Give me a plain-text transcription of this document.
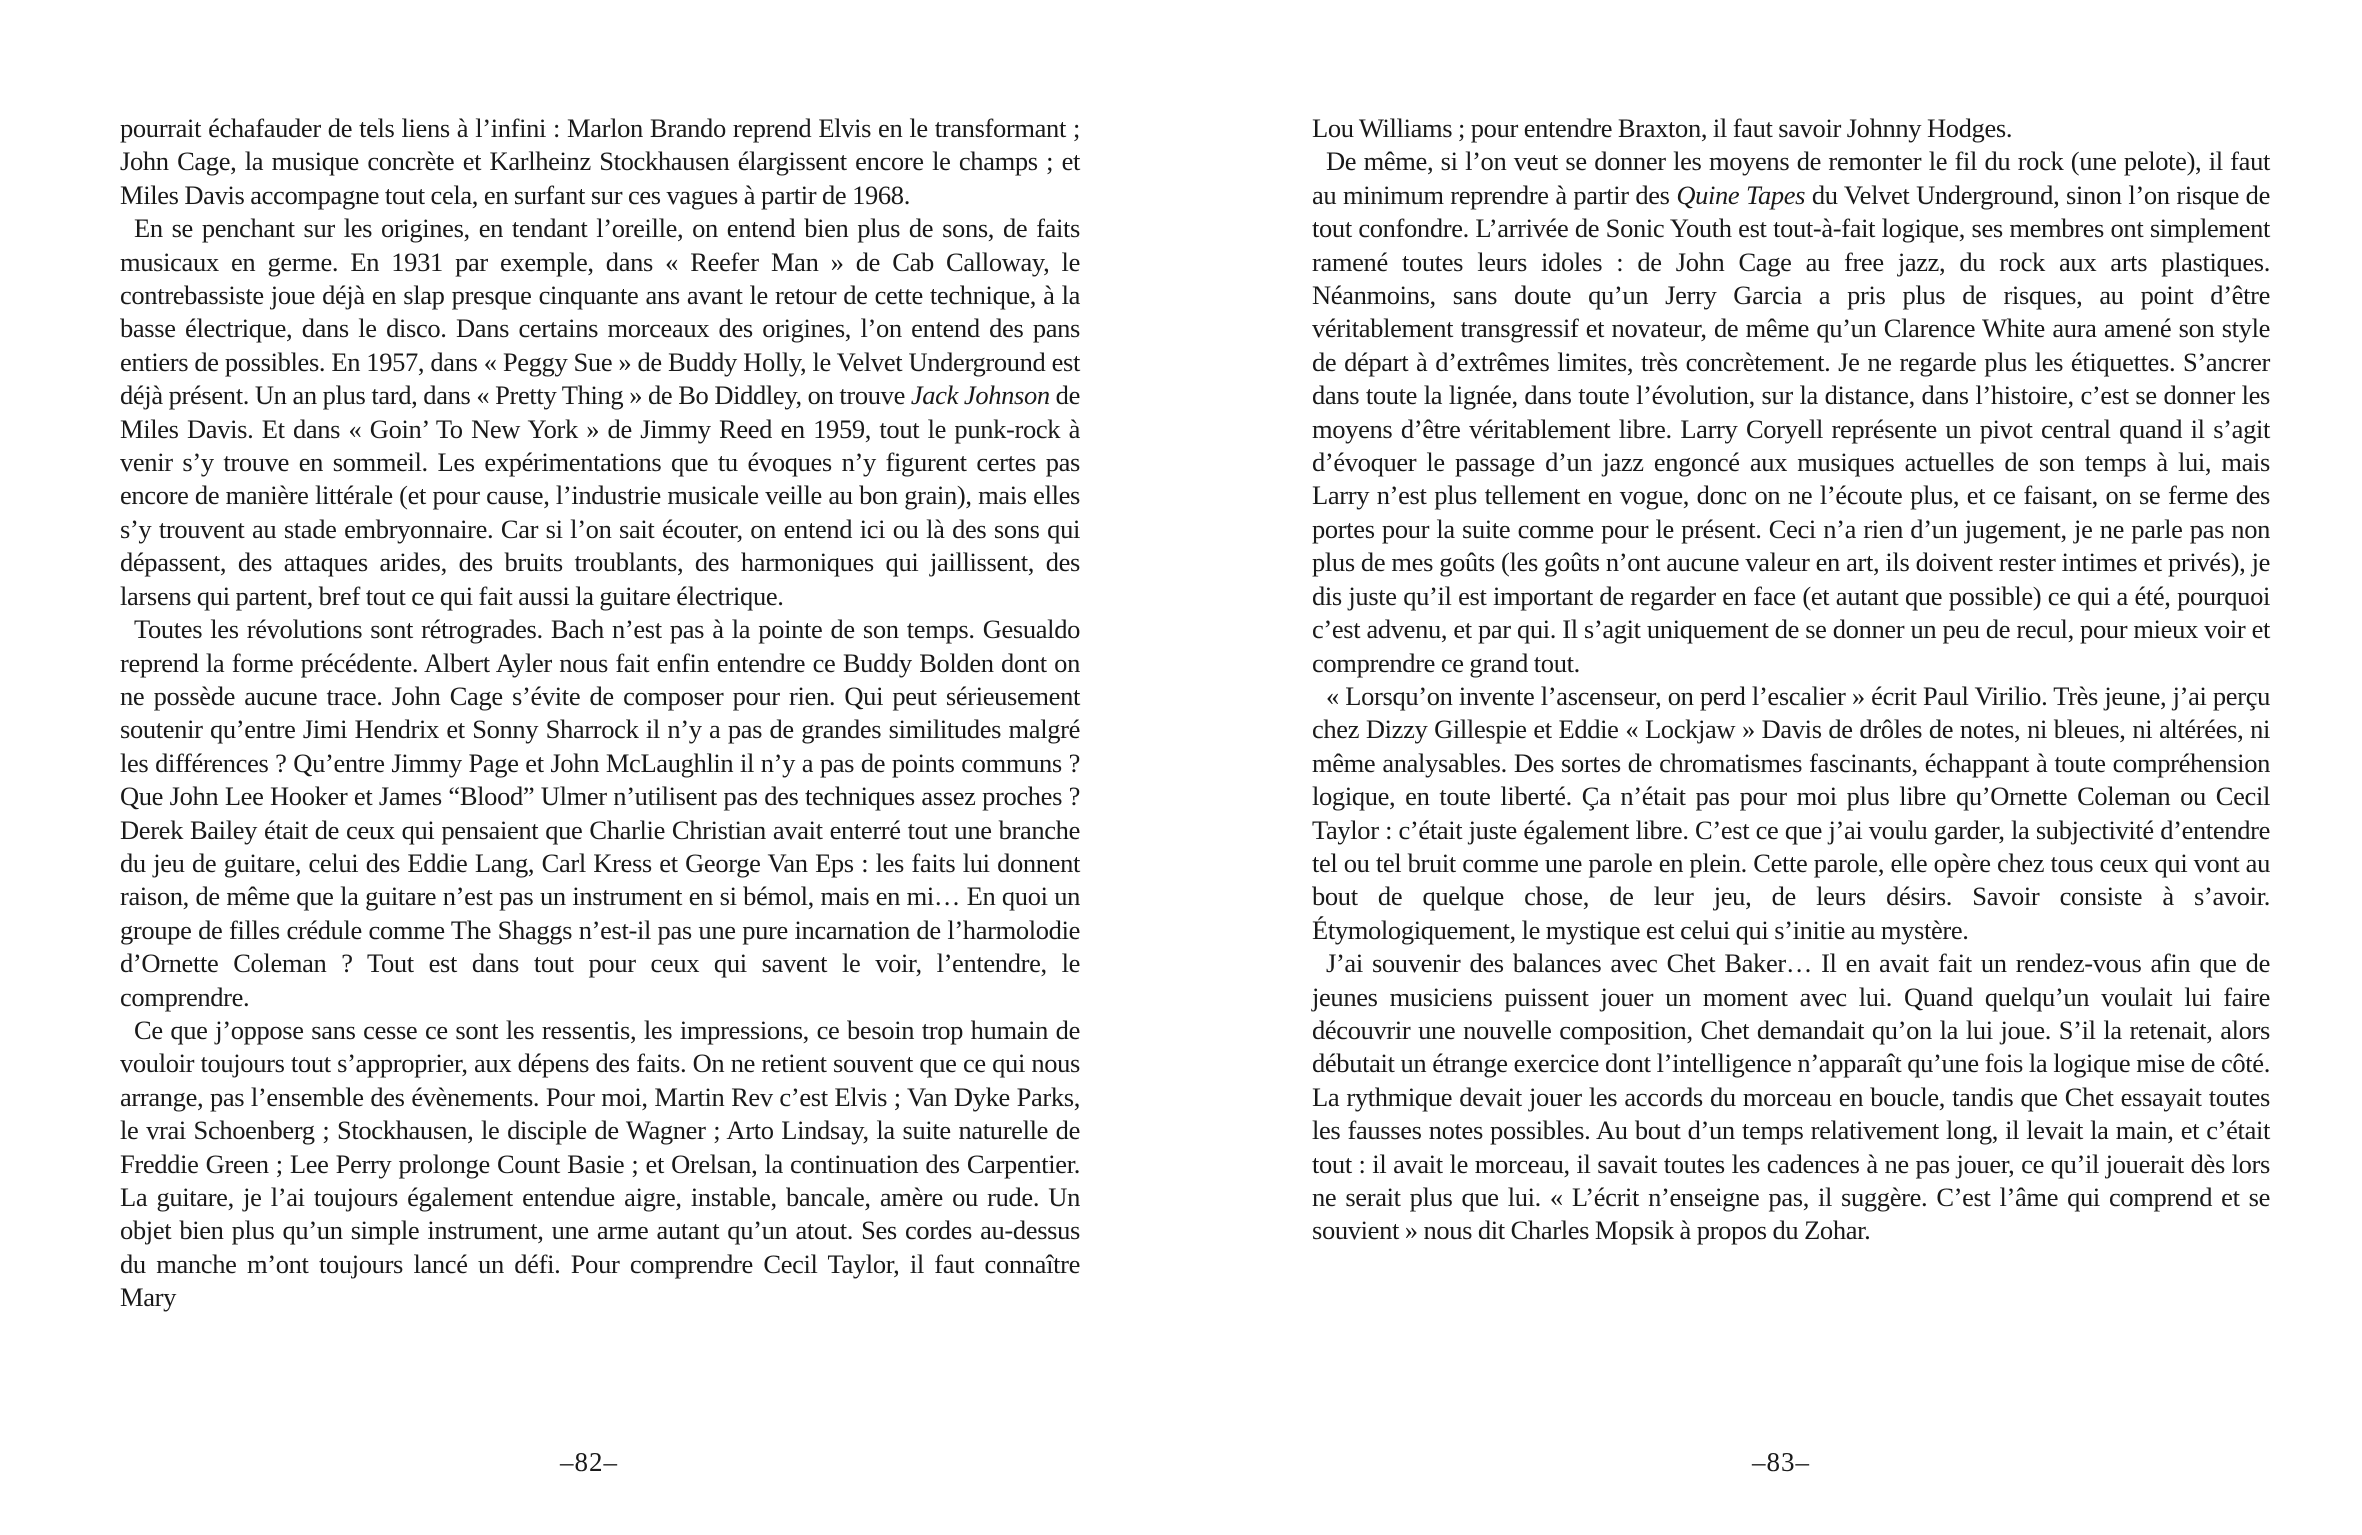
pourrait échafauder de tels liens à l’infini : Marlon Brando reprend Elvis en le transformant ; John Cage, la musique concrète et Karlheinz Stockhausen élargissent encore le champs ; et Miles Davis accompagne tout cela, en surfant sur ces vagues à partir de 1968.

En se penchant sur les origines, en tendant l’oreille, on entend bien plus de sons, de faits musicaux en germe. En 1931 par exemple, dans « Reefer Man » de Cab Calloway, le contrebassiste joue déjà en slap presque cinquante ans avant le retour de cette technique, à la basse électrique, dans le disco. Dans certains morceaux des origines, l’on entend des pans entiers de possibles. En 1957, dans « Peggy Sue » de Buddy Holly, le Velvet Underground est déjà présent. Un an plus tard, dans « Pretty Thing » de Bo Diddley, on trouve Jack Johnson de Miles Davis. Et dans « Goin’ To New York » de Jimmy Reed en 1959, tout le punk-rock à venir s’y trouve en sommeil. Les expérimentations que tu évoques n’y figurent certes pas encore de manière littérale (et pour cause, l’industrie musicale veille au bon grain), mais elles s’y trouvent au stade embryonnaire. Car si l’on sait écouter, on entend ici ou là des sons qui dépassent, des attaques arides, des bruits troublants, des harmoniques qui jaillissent, des larsens qui partent, bref tout ce qui fait aussi la guitare électrique.

Toutes les révolutions sont rétrogrades. Bach n’est pas à la pointe de son temps. Gesualdo reprend la forme précédente. Albert Ayler nous fait enfin entendre ce Buddy Bolden dont on ne possède aucune trace. John Cage s’évite de composer pour rien. Qui peut sérieusement soutenir qu’entre Jimi Hendrix et Sonny Sharrock il n’y a pas de grandes similitudes malgré les différences ? Qu’entre Jimmy Page et John McLaughlin il n’y a pas de points communs ? Que John Lee Hooker et James “Blood” Ulmer n’utilisent pas des techniques assez proches ? Derek Bailey était de ceux qui pensaient que Charlie Christian avait enterré tout une branche du jeu de guitare, celui des Eddie Lang, Carl Kress et George Van Eps : les faits lui donnent raison, de même que la guitare n’est pas un instrument en si bémol, mais en mi… En quoi un groupe de filles crédule comme The Shaggs n’est-il pas une pure incarnation de l’harmolodie d’Ornette Coleman ? Tout est dans tout pour ceux qui savent le voir, l’entendre, le comprendre.

Ce que j’oppose sans cesse ce sont les ressentis, les impressions, ce besoin trop humain de vouloir toujours tout s’approprier, aux dépens des faits. On ne retient souvent que ce qui nous arrange, pas l’ensemble des évènements. Pour moi, Martin Rev c’est Elvis ; Van Dyke Parks, le vrai Schoenberg ; Stockhausen, le disciple de Wagner ; Arto Lindsay, la suite naturelle de Freddie Green ; Lee Perry prolonge Count Basie ; et Orelsan, la continuation des Carpentier. La guitare, je l’ai toujours également entendue aigre, instable, bancale, amère ou rude. Un objet bien plus qu’un simple instrument, une arme autant qu’un atout. Ses cordes au-dessus du manche m’ont toujours lancé un défi. Pour comprendre Cecil Taylor, il faut connaître Mary

Lou Williams ; pour entendre Braxton, il faut savoir Johnny Hodges.

De même, si l’on veut se donner les moyens de remonter le fil du rock (une pelote), il faut au minimum reprendre à partir des Quine Tapes du Velvet Underground, sinon l’on risque de tout confondre. L’arrivée de Sonic Youth est tout-à-fait logique, ses membres ont simplement ramené toutes leurs idoles : de John Cage au free jazz, du rock aux arts plastiques. Néanmoins, sans doute qu’un Jerry Garcia a pris plus de risques, au point d’être véritablement transgressif et novateur, de même qu’un Clarence White aura amené son style de départ à d’extrêmes limites, très concrètement. Je ne regarde plus les étiquettes. S’ancrer dans toute la lignée, dans toute l’évolution, sur la distance, dans l’histoire, c’est se donner les moyens d’être véritablement libre. Larry Coryell représente un pivot central quand il s’agit d’évoquer le passage d’un jazz engoncé aux musiques actuelles de son temps à lui, mais Larry n’est plus tellement en vogue, donc on ne l’écoute plus, et ce faisant, on se ferme des portes pour la suite comme pour le présent. Ceci n’a rien d’un jugement, je ne parle pas non plus de mes goûts (les goûts n’ont aucune valeur en art, ils doivent rester intimes et privés), je dis juste qu’il est important de regarder en face (et autant que possible) ce qui a été, pourquoi c’est advenu, et par qui. Il s’agit uniquement de se donner un peu de recul, pour mieux voir et comprendre ce grand tout.

« Lorsqu’on invente l’ascenseur, on perd l’escalier » écrit Paul Virilio. Très jeune, j’ai perçu chez Dizzy Gillespie et Eddie « Lockjaw » Davis de drôles de notes, ni bleues, ni altérées, ni même analysables. Des sortes de chromatismes fascinants, échappant à toute compréhension logique, en toute liberté. Ça n’était pas pour moi plus libre qu’Ornette Coleman ou Cecil Taylor : c’était juste également libre. C’est ce que j’ai voulu garder, la subjectivité d’entendre tel ou tel bruit comme une parole en plein. Cette parole, elle opère chez tous ceux qui vont au bout de quelque chose, de leur jeu, de leurs désirs. Savoir consiste à s’avoir. Étymologiquement, le mystique est celui qui s’initie au mystère.

J’ai souvenir des balances avec Chet Baker… Il en avait fait un rendez-vous afin que de jeunes musiciens puissent jouer un moment avec lui. Quand quelqu’un voulait lui faire découvrir une nouvelle composition, Chet demandait qu’on la lui joue. S’il la retenait, alors débutait un étrange exercice dont l’intelligence n’apparaît qu’une fois la logique mise de côté. La rythmique devait jouer les accords du morceau en boucle, tandis que Chet essayait toutes les fausses notes possibles. Au bout d’un temps relativement long, il levait la main, et c’était tout : il avait le morceau, il savait toutes les cadences à ne pas jouer, ce qu’il jouerait dès lors ne serait plus que lui. « L’écrit n’enseigne pas, il suggère. C’est l’âme qui comprend et se souvient » nous dit Charles Mopsik à propos du Zohar.

–82–	–83–
